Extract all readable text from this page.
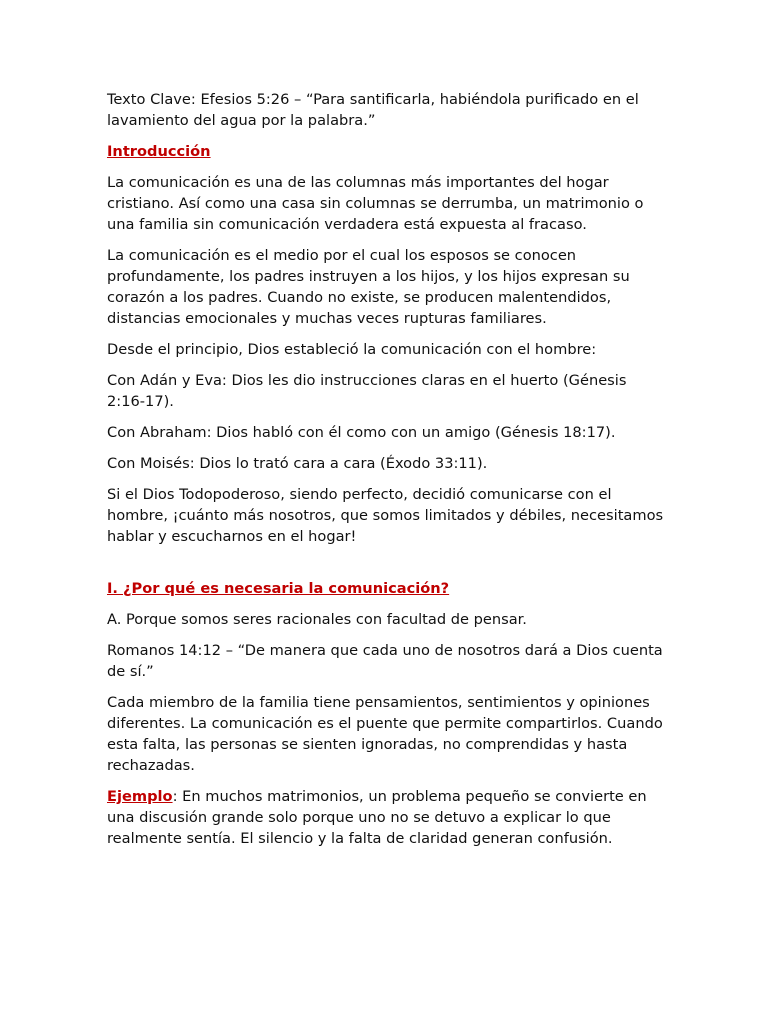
Texto Clave: Efesios 5:26 – “Para santificarla, habiéndola purificado en el lavamiento del agua por la palabra.”

Introducción

La comunicación es una de las columnas más importantes del hogar cristiano. Así como una casa sin columnas se derrumba, un matrimonio o una familia sin comunicación verdadera está expuesta al fracaso.

La comunicación es el medio por el cual los esposos se conocen profundamente, los padres instruyen a los hijos, y los hijos expresan su corazón a los padres. Cuando no existe, se producen malentendidos, distancias emocionales y muchas veces rupturas familiares.

Desde el principio, Dios estableció la comunicación con el hombre:

Con Adán y Eva: Dios les dio instrucciones claras en el huerto (Génesis 2:16-17).

Con Abraham: Dios habló con él como con un amigo (Génesis 18:17).

Con Moisés: Dios lo trató cara a cara (Éxodo 33:11).

Si el Dios Todopoderoso, siendo perfecto, decidió comunicarse con el hombre, ¡cuánto más nosotros, que somos limitados y débiles, necesitamos hablar y escucharnos en el hogar!

I. ¿Por qué es necesaria la comunicación?

A. Porque somos seres racionales con facultad de pensar.

Romanos 14:12 – “De manera que cada uno de nosotros dará a Dios cuenta de sí.”

Cada miembro de la familia tiene pensamientos, sentimientos y opiniones diferentes. La comunicación es el puente que permite compartirlos. Cuando esta falta, las personas se sienten ignoradas, no comprendidas y hasta rechazadas.

Ejemplo: En muchos matrimonios, un problema pequeño se convierte en una discusión grande solo porque uno no se detuvo a explicar lo que realmente sentía. El silencio y la falta de claridad generan confusión.
